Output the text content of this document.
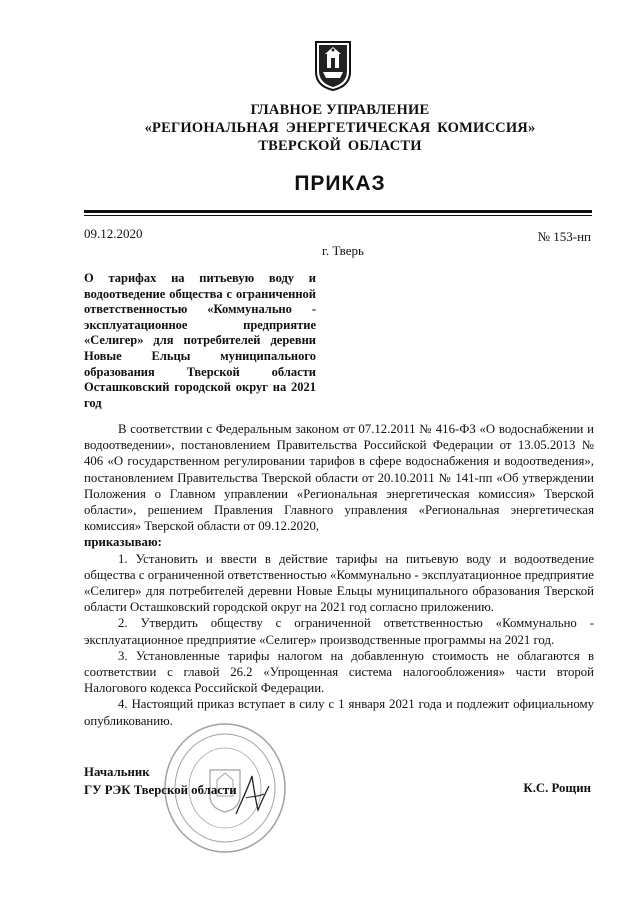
ГЛАВНОЕ УПРАВЛЕНИЕ
«РЕГИОНАЛЬНАЯ ЭНЕРГЕТИЧЕСКАЯ КОМИССИЯ»
ТВЕРСКОЙ ОБЛАСТИ
ПРИКАЗ
09.12.2020	№ 153-нп
г. Тверь
О тарифах на питьевую воду и водоотведение общества с ограниченной ответственностью «Коммунально - эксплуатационное предприятие «Селигер» для потребителей деревни Новые Ельцы муниципального образования Тверской области Осташковский городской округ на 2021 год

В соответствии с Федеральным законом от 07.12.2011 № 416-ФЗ «О водоснабжении и водоотведении», постановлением Правительства Российской Федерации от 13.05.2013 № 406 «О государственном регулировании тарифов в сфере водоснабжения и водоотведения», постановлением Правительства Тверской области от 20.10.2011 № 141-пп «Об утверждении Положения о Главном управлении «Региональная энергетическая комиссия» Тверской области», решением Правления Главного управления «Региональная энергетическая комиссия» Тверской области от 09.12.2020,

приказываю:

1. Установить и ввести в действие тарифы на питьевую воду и водоотведение общества с ограниченной ответственностью «Коммунально - эксплуатационное предприятие «Селигер» для потребителей деревни Новые Ельцы муниципального образования Тверской области Осташковский городской округ на 2021 год согласно приложению.

2. Утвердить обществу с ограниченной ответственностью «Коммунально - эксплуатационное предприятие «Селигер» производственные программы на 2021 год.

3. Установленные тарифы налогом на добавленную стоимость не облагаются в соответствии с главой 26.2 «Упрощенная система налогообложения» части второй Налогового кодекса Российской Федерации.

4. Настоящий приказ вступает в силу с 1 января 2021 года и подлежит официальному опубликованию.

Начальник
ГУ РЭК Тверской области	К.С. Рощин
